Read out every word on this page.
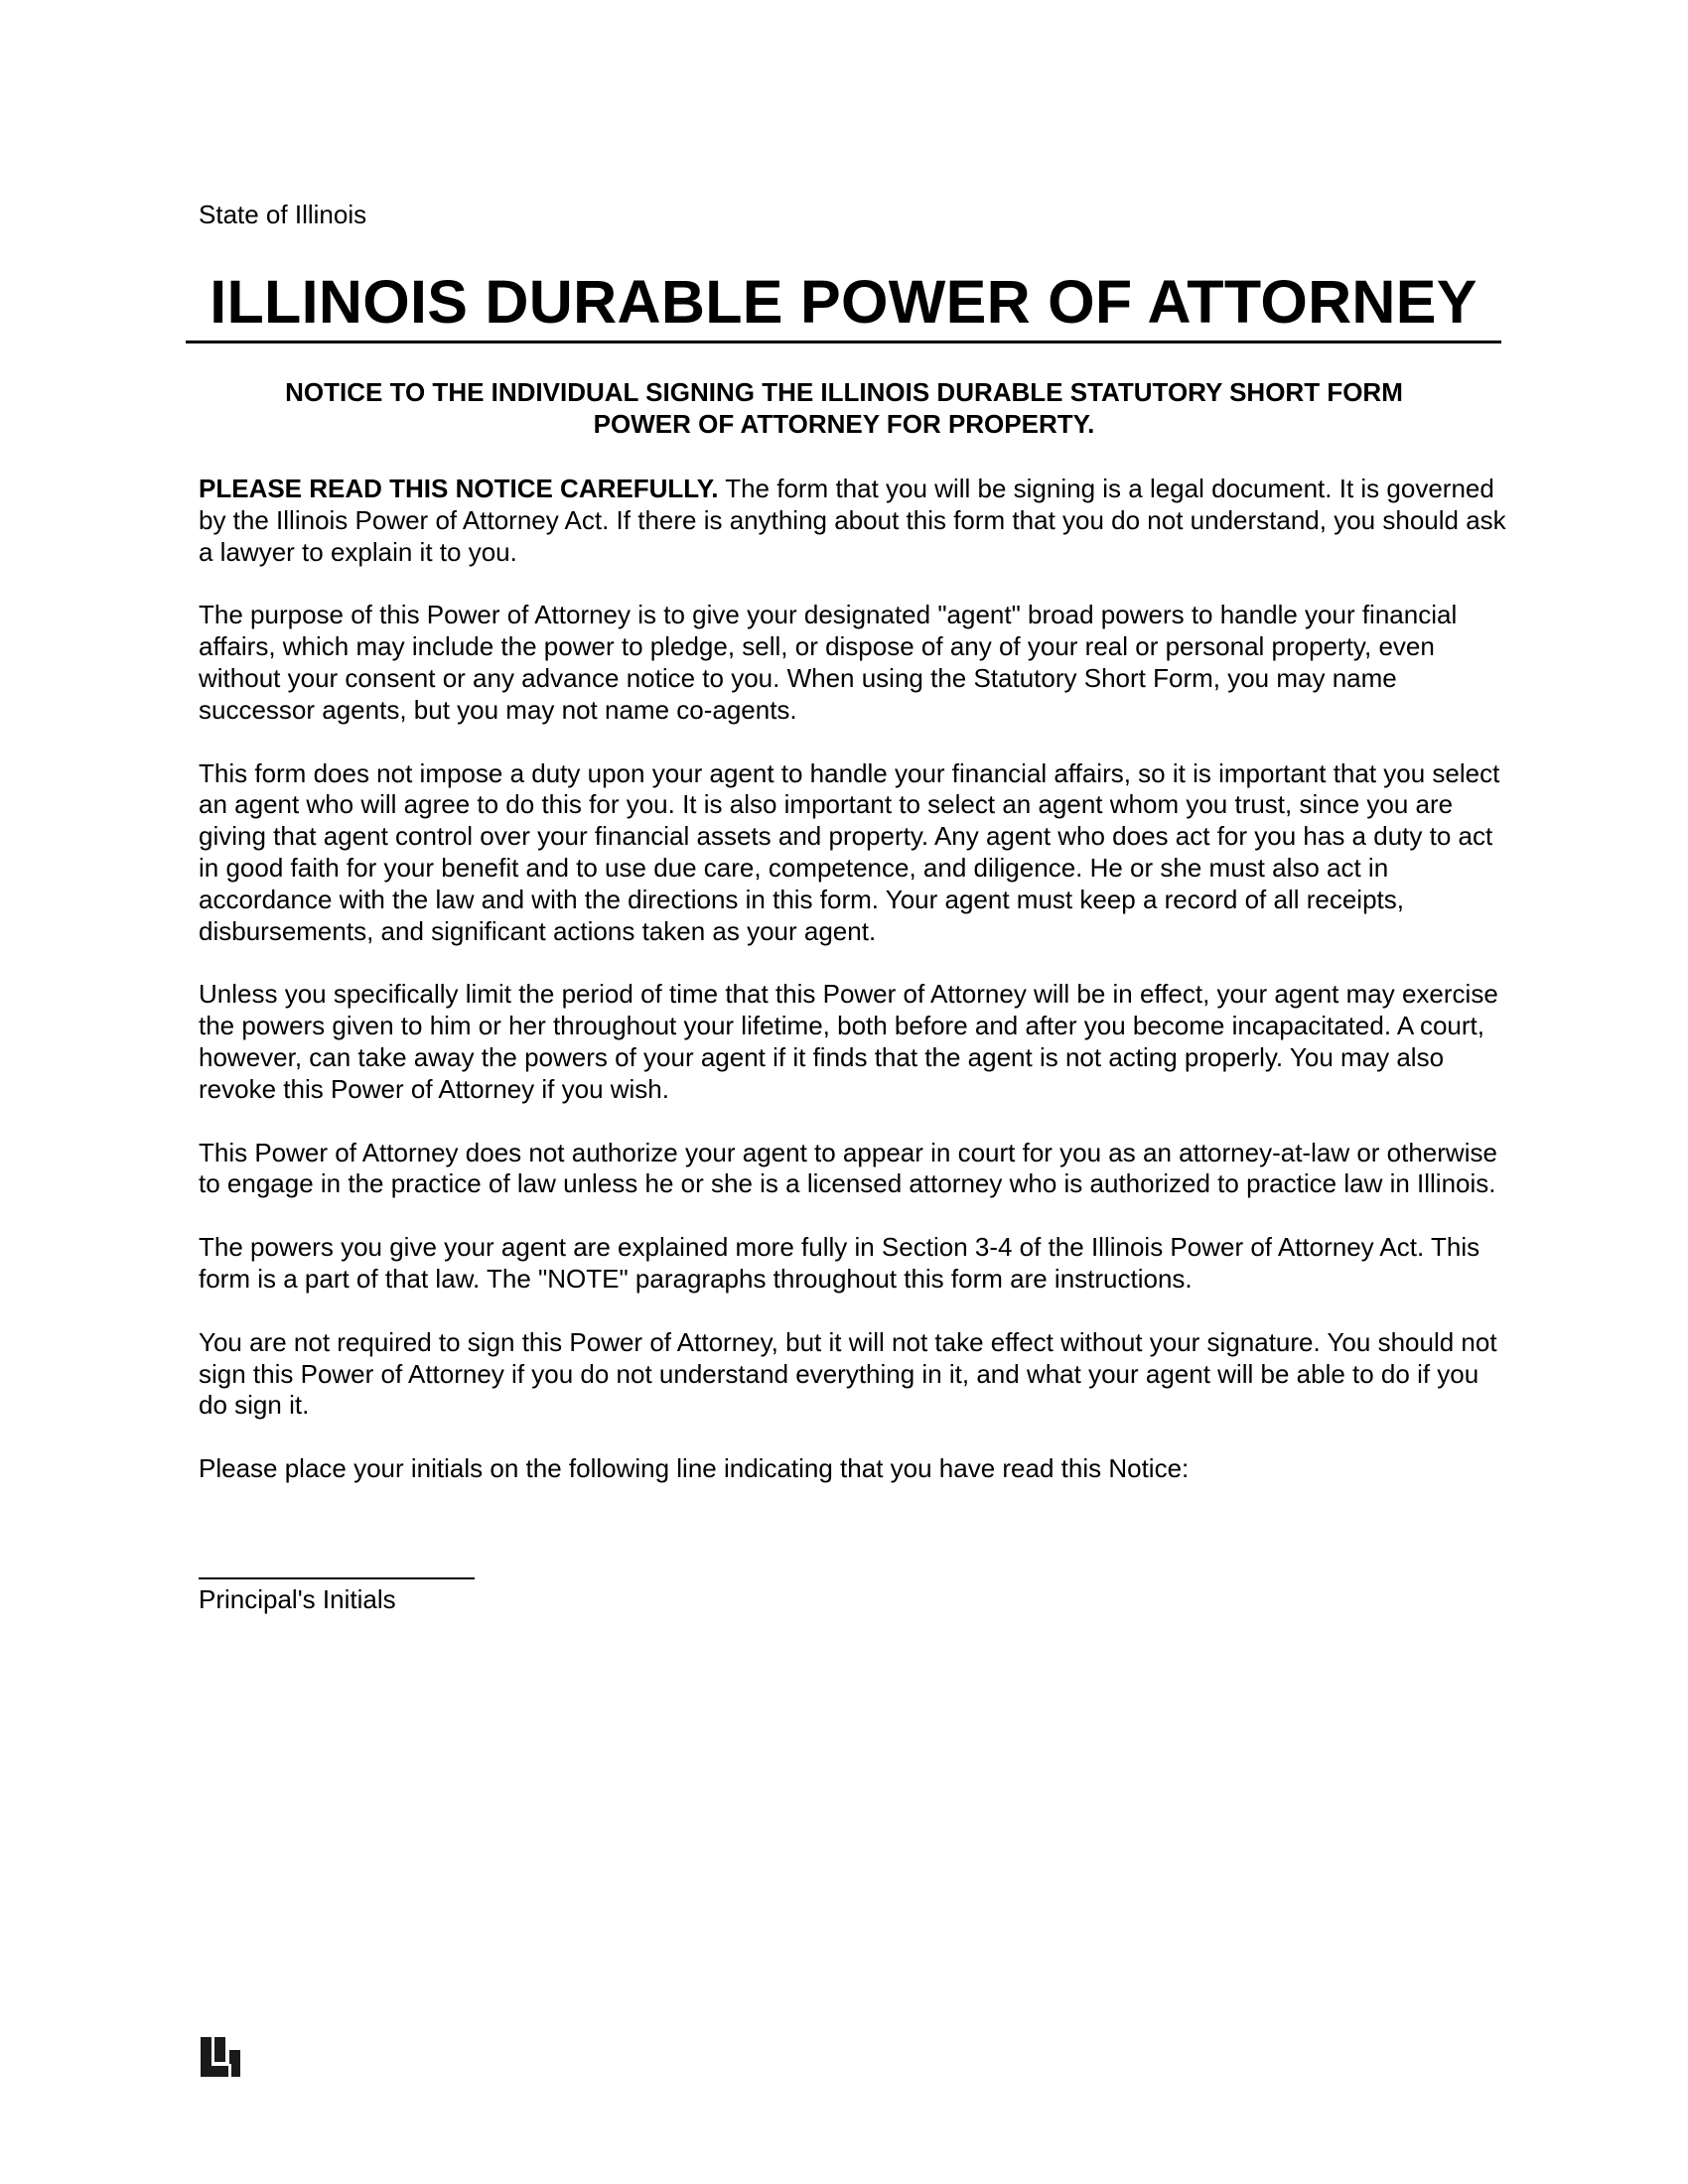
State of Illinois
ILLINOIS DURABLE POWER OF ATTORNEY
NOTICE TO THE INDIVIDUAL SIGNING THE ILLINOIS DURABLE STATUTORY SHORT FORM
POWER OF ATTORNEY FOR PROPERTY.

PLEASE READ THIS NOTICE CAREFULLY. The form that you will be signing is a legal document. It is governed by the Illinois Power of Attorney Act. If there is anything about this form that you do not understand, you should ask a lawyer to explain it to you.

The purpose of this Power of Attorney is to give your designated "agent" broad powers to handle your financial affairs, which may include the power to pledge, sell, or dispose of any of your real or personal property, even without your consent or any advance notice to you. When using the Statutory Short Form, you may name successor agents, but you may not name co-agents.

This form does not impose a duty upon your agent to handle your financial affairs, so it is important that you select an agent who will agree to do this for you. It is also important to select an agent whom you trust, since you are giving that agent control over your financial assets and property. Any agent who does act for you has a duty to act in good faith for your benefit and to use due care, competence, and diligence. He or she must also act in accordance with the law and with the directions in this form. Your agent must keep a record of all receipts, disbursements, and significant actions taken as your agent.

Unless you specifically limit the period of time that this Power of Attorney will be in effect, your agent may exercise the powers given to him or her throughout your lifetime, both before and after you become incapacitated. A court, however, can take away the powers of your agent if it finds that the agent is not acting properly. You may also revoke this Power of Attorney if you wish.

This Power of Attorney does not authorize your agent to appear in court for you as an attorney-at-law or otherwise to engage in the practice of law unless he or she is a licensed attorney who is authorized to practice law in Illinois.

The powers you give your agent are explained more fully in Section 3-4 of the Illinois Power of Attorney Act. This form is a part of that law. The "NOTE" paragraphs throughout this form are instructions.

You are not required to sign this Power of Attorney, but it will not take effect without your signature. You should not sign this Power of Attorney if you do not understand everything in it, and what your agent will be able to do if you do sign it.

Please place your initials on the following line indicating that you have read this Notice:

Principal's Initials
